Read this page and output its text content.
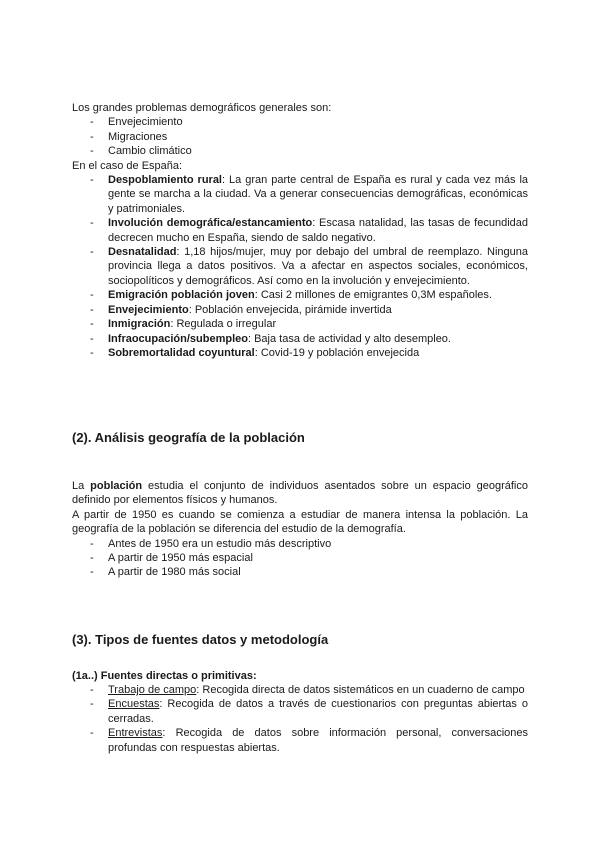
Los grandes problemas demográficos generales son:

- Envejecimiento
- Migraciones
- Cambio climático

En el caso de España:

- Despoblamiento rural: La gran parte central de España es rural y cada vez más la gente se marcha a la ciudad. Va a generar consecuencias demográficas, económicas y patrimoniales.
- Involución demográfica/estancamiento: Escasa natalidad, las tasas de fecundidad decrecen mucho en España, siendo de saldo negativo.
- Desnatalidad: 1,18 hijos/mujer, muy por debajo del umbral de reemplazo. Ninguna provincia llega a datos positivos. Va a afectar en aspectos sociales, económicos, sociopolíticos y demográficos. Así como en la involución y envejecimiento.
- Emigración población joven: Casi 2 millones de emigrantes 0,3M españoles.
- Envejecimiento: Población envejecida, pirámide invertida
- Inmigración: Regulada o irregular
- Infraocupación/subempleo: Baja tasa de actividad y alto desempleo.
- Sobremortalidad coyuntural: Covid-19 y población envejecida
(2). Análisis geografía de la población

La población estudia el conjunto de individuos asentados sobre un espacio geográfico definido por elementos físicos y humanos.

A partir de 1950 es cuando se comienza a estudiar de manera intensa la población. La geografía de la población se diferencia del estudio de la demografía.

- Antes de 1950 era un estudio más descriptivo
- A partir de 1950 más espacial
- A partir de 1980 más social
(3). Tipos de fuentes datos y metodología
(1a..) Fuentes directas o primitivas:
- Trabajo de campo: Recogida directa de datos sistemáticos en un cuaderno de campo
- Encuestas: Recogida de datos a través de cuestionarios con preguntas abiertas o cerradas.
- Entrevistas: Recogida de datos sobre información personal, conversaciones profundas con respuestas abiertas.
